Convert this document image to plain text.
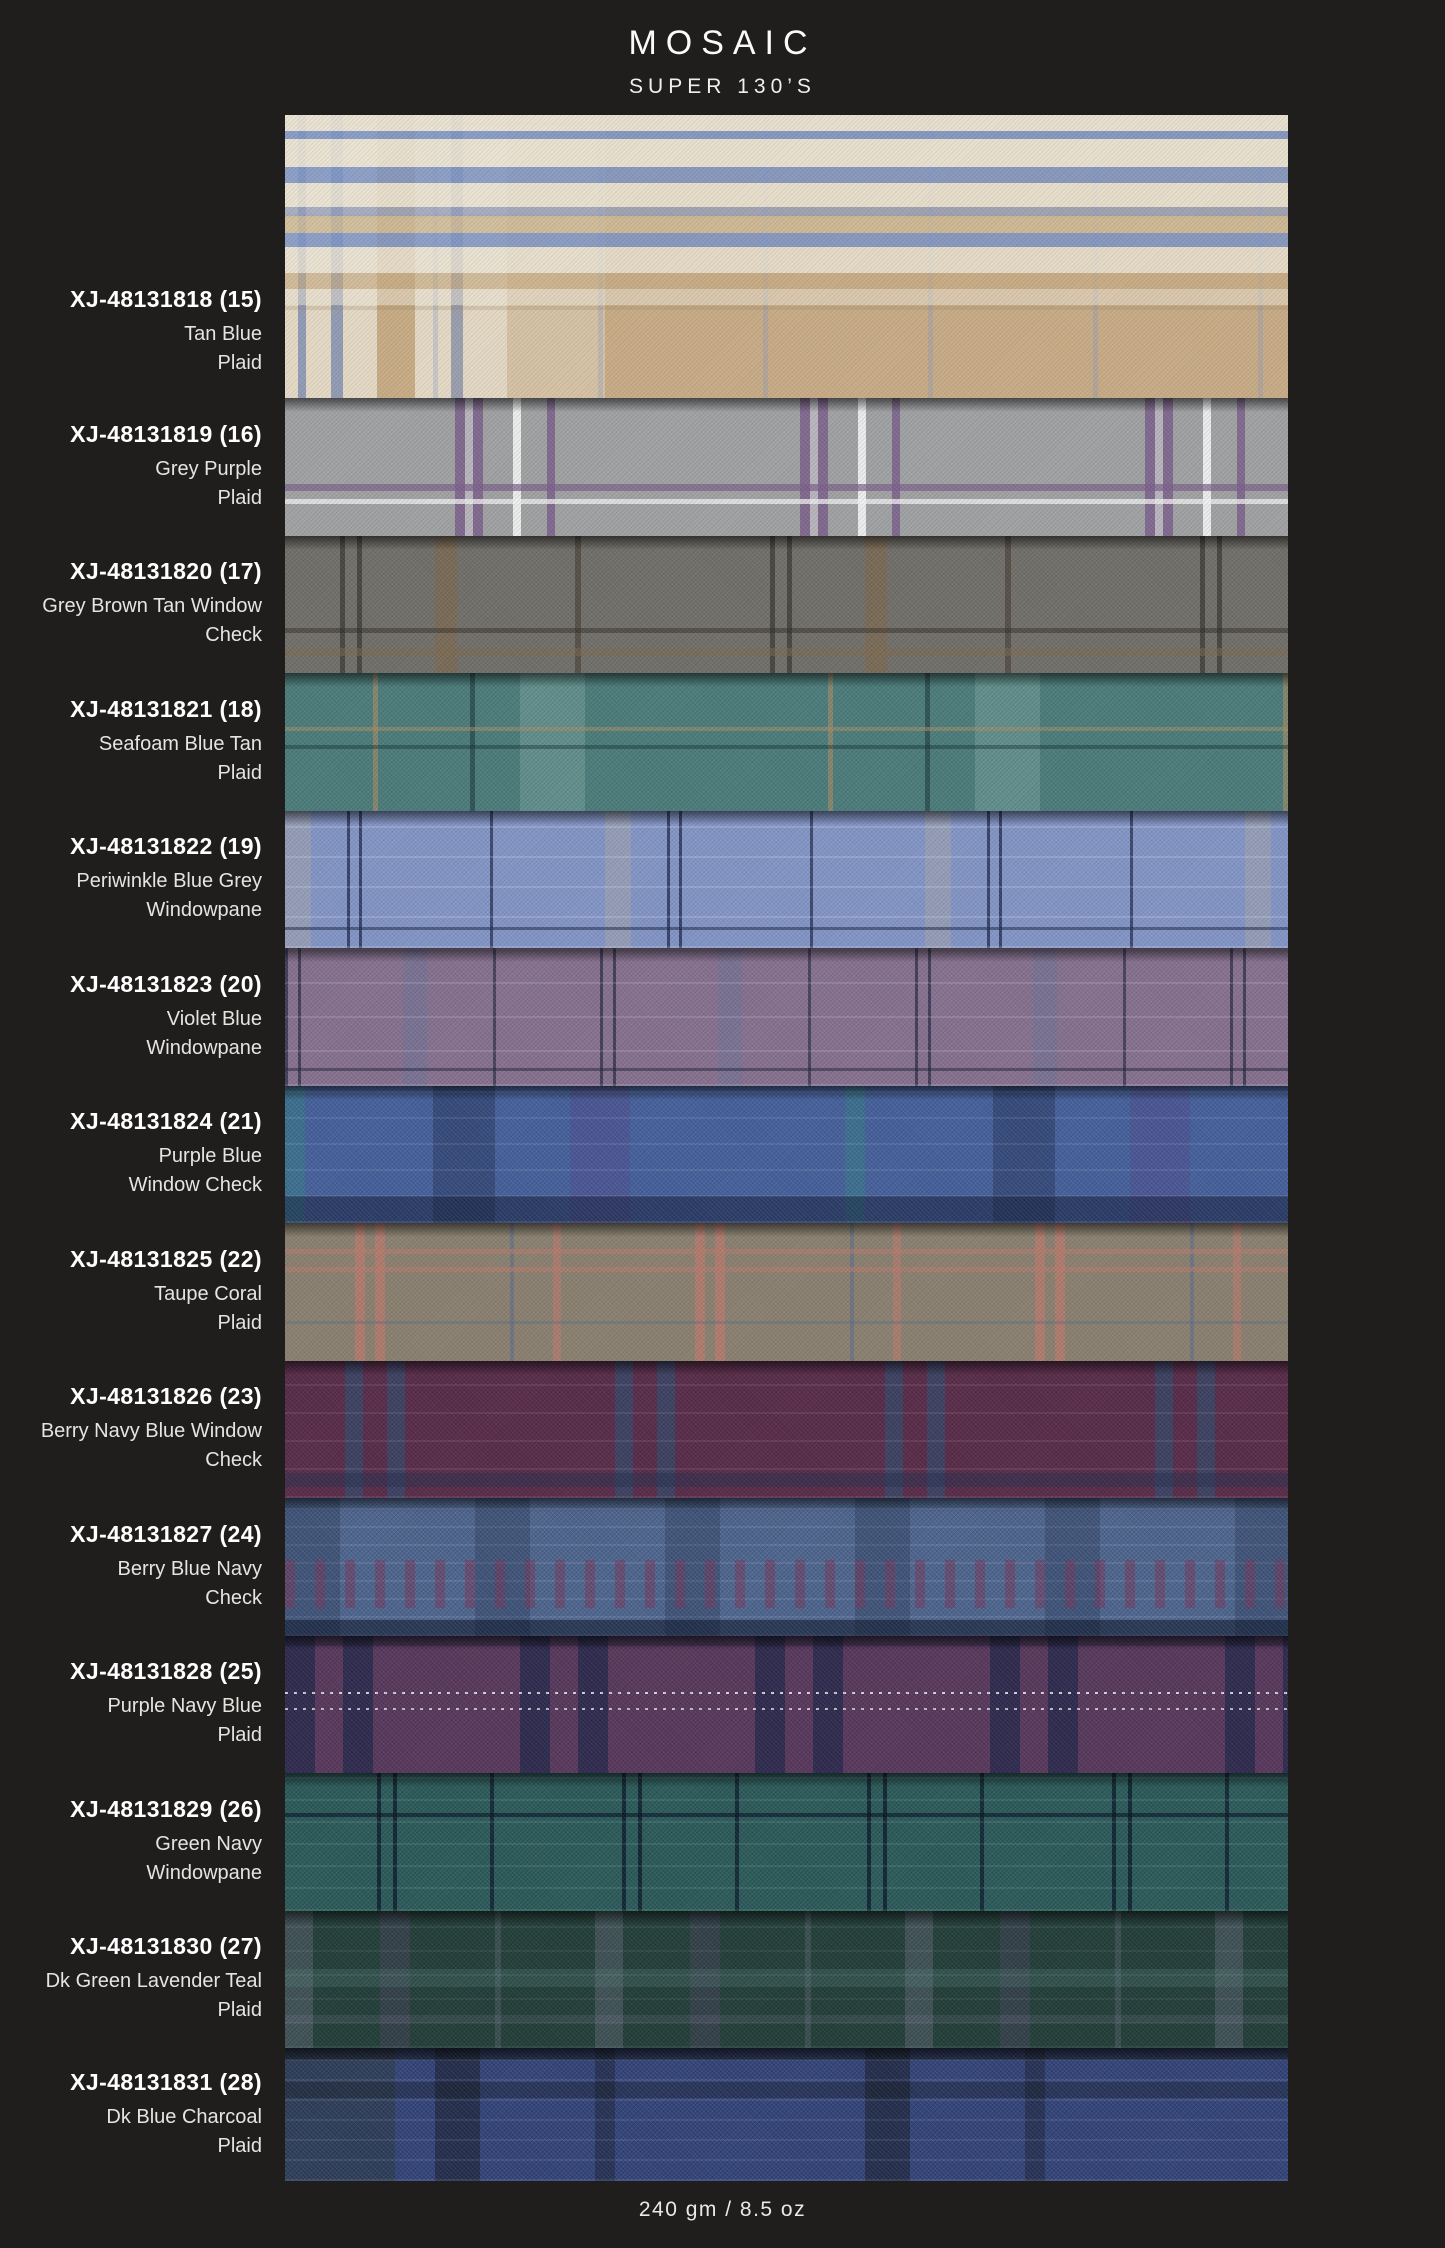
MOSAIC
SUPER 130’S
XJ-48131818 (15)
Tan Blue
Plaid
XJ-48131819 (16)
Grey Purple
Plaid
XJ-48131820 (17)
Grey Brown Tan Window
Check
XJ-48131821 (18)
Seafoam Blue Tan
Plaid
XJ-48131822 (19)
Periwinkle Blue Grey
Windowpane
XJ-48131823 (20)
Violet Blue
Windowpane
XJ-48131824 (21)
Purple Blue
Window Check
XJ-48131825 (22)
Taupe Coral
Plaid
XJ-48131826 (23)
Berry Navy Blue Window
Check
XJ-48131827 (24)
Berry Blue Navy
Check
XJ-48131828 (25)
Purple Navy Blue
Plaid
XJ-48131829 (26)
Green Navy
Windowpane
XJ-48131830 (27)
Dk Green Lavender Teal
Plaid
XJ-48131831 (28)
Dk Blue Charcoal
Plaid
240 gm / 8.5 oz
